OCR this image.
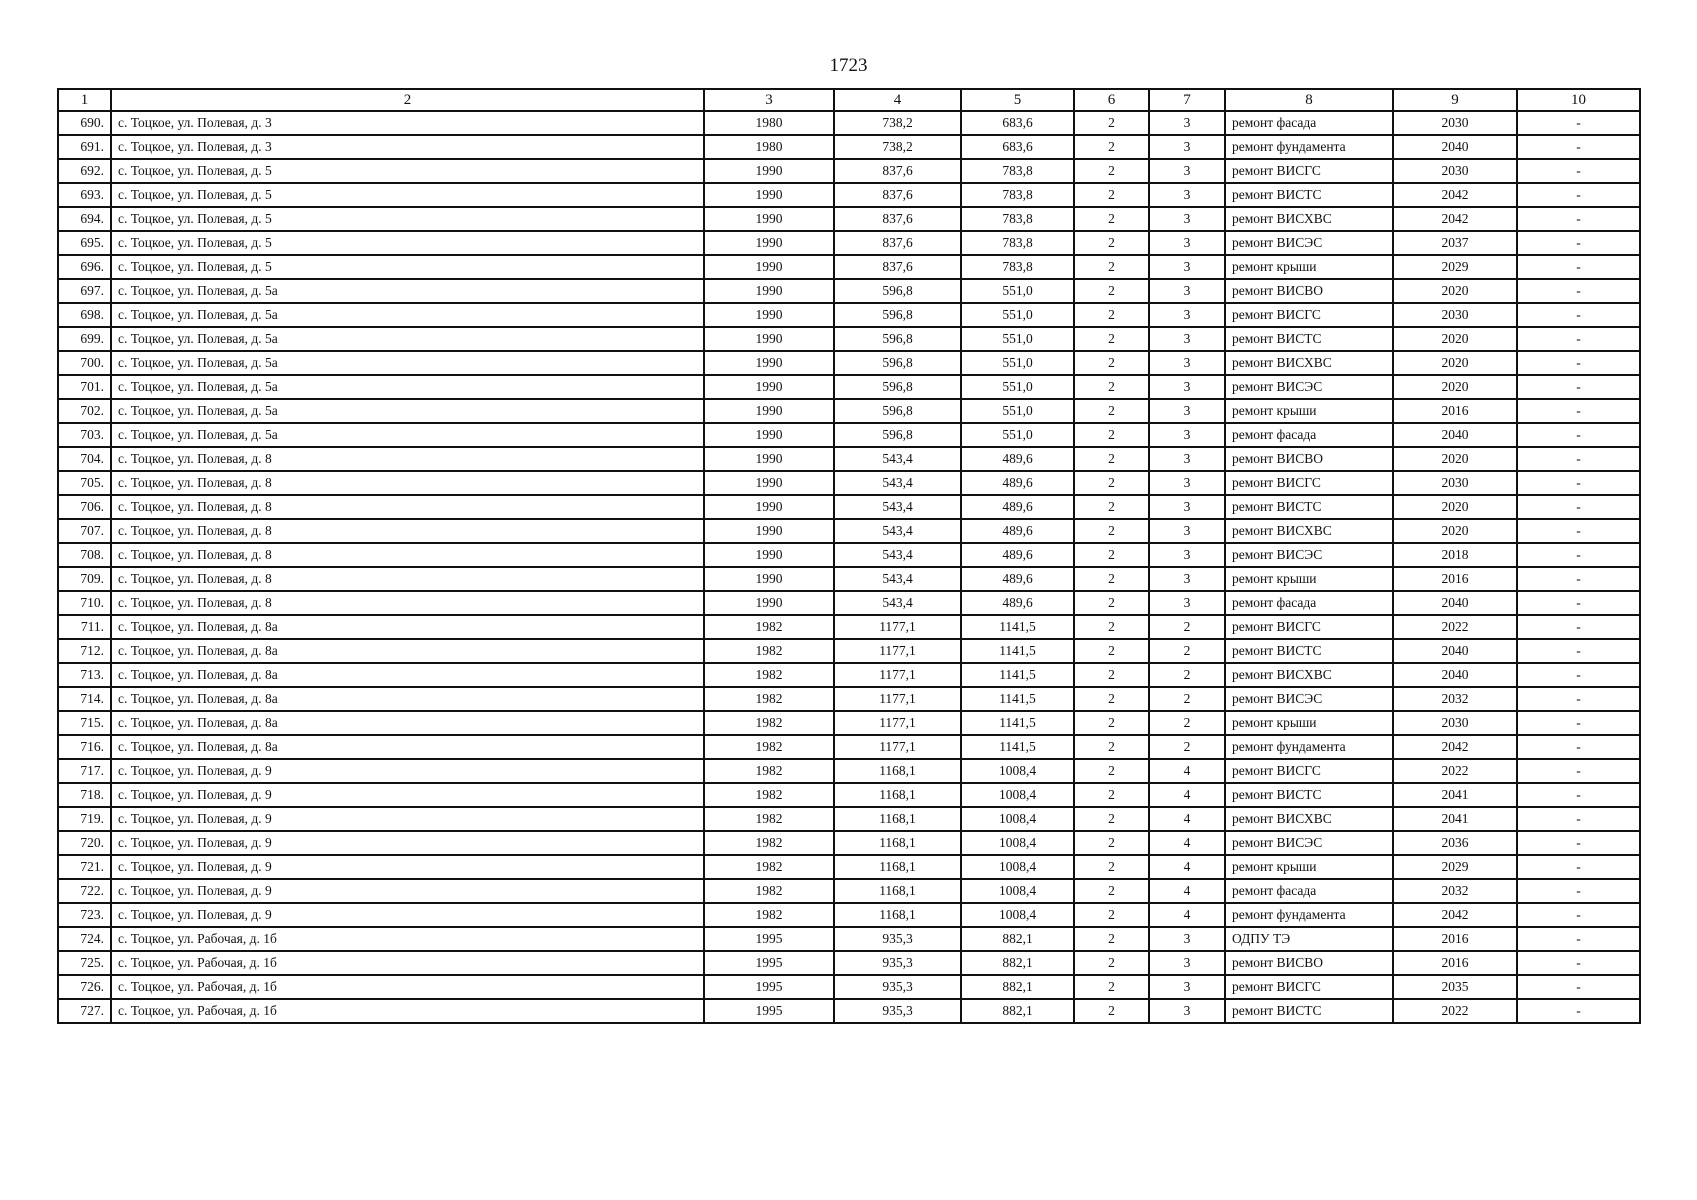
1723
1	2	3	4	5	6	7	8	9	10
690.	с. Тоцкое, ул. Полевая, д. 3	1980	738,2	683,6	2	3	ремонт фасада	2030	-
691.	с. Тоцкое, ул. Полевая, д. 3	1980	738,2	683,6	2	3	ремонт фундамента	2040	-
692.	с. Тоцкое, ул. Полевая, д. 5	1990	837,6	783,8	2	3	ремонт ВИСГС	2030	-
693.	с. Тоцкое, ул. Полевая, д. 5	1990	837,6	783,8	2	3	ремонт ВИСТС	2042	-
694.	с. Тоцкое, ул. Полевая, д. 5	1990	837,6	783,8	2	3	ремонт ВИСХВС	2042	-
695.	с. Тоцкое, ул. Полевая, д. 5	1990	837,6	783,8	2	3	ремонт ВИСЭС	2037	-
696.	с. Тоцкое, ул. Полевая, д. 5	1990	837,6	783,8	2	3	ремонт крыши	2029	-
697.	с. Тоцкое, ул. Полевая, д. 5а	1990	596,8	551,0	2	3	ремонт ВИСВО	2020	-
698.	с. Тоцкое, ул. Полевая, д. 5а	1990	596,8	551,0	2	3	ремонт ВИСГС	2030	-
699.	с. Тоцкое, ул. Полевая, д. 5а	1990	596,8	551,0	2	3	ремонт ВИСТС	2020	-
700.	с. Тоцкое, ул. Полевая, д. 5а	1990	596,8	551,0	2	3	ремонт ВИСХВС	2020	-
701.	с. Тоцкое, ул. Полевая, д. 5а	1990	596,8	551,0	2	3	ремонт ВИСЭС	2020	-
702.	с. Тоцкое, ул. Полевая, д. 5а	1990	596,8	551,0	2	3	ремонт крыши	2016	-
703.	с. Тоцкое, ул. Полевая, д. 5а	1990	596,8	551,0	2	3	ремонт фасада	2040	-
704.	с. Тоцкое, ул. Полевая, д. 8	1990	543,4	489,6	2	3	ремонт ВИСВО	2020	-
705.	с. Тоцкое, ул. Полевая, д. 8	1990	543,4	489,6	2	3	ремонт ВИСГС	2030	-
706.	с. Тоцкое, ул. Полевая, д. 8	1990	543,4	489,6	2	3	ремонт ВИСТС	2020	-
707.	с. Тоцкое, ул. Полевая, д. 8	1990	543,4	489,6	2	3	ремонт ВИСХВС	2020	-
708.	с. Тоцкое, ул. Полевая, д. 8	1990	543,4	489,6	2	3	ремонт ВИСЭС	2018	-
709.	с. Тоцкое, ул. Полевая, д. 8	1990	543,4	489,6	2	3	ремонт крыши	2016	-
710.	с. Тоцкое, ул. Полевая, д. 8	1990	543,4	489,6	2	3	ремонт фасада	2040	-
711.	с. Тоцкое, ул. Полевая, д. 8а	1982	1177,1	1141,5	2	2	ремонт ВИСГС	2022	-
712.	с. Тоцкое, ул. Полевая, д. 8а	1982	1177,1	1141,5	2	2	ремонт ВИСТС	2040	-
713.	с. Тоцкое, ул. Полевая, д. 8а	1982	1177,1	1141,5	2	2	ремонт ВИСХВС	2040	-
714.	с. Тоцкое, ул. Полевая, д. 8а	1982	1177,1	1141,5	2	2	ремонт ВИСЭС	2032	-
715.	с. Тоцкое, ул. Полевая, д. 8а	1982	1177,1	1141,5	2	2	ремонт крыши	2030	-
716.	с. Тоцкое, ул. Полевая, д. 8а	1982	1177,1	1141,5	2	2	ремонт фундамента	2042	-
717.	с. Тоцкое, ул. Полевая, д. 9	1982	1168,1	1008,4	2	4	ремонт ВИСГС	2022	-
718.	с. Тоцкое, ул. Полевая, д. 9	1982	1168,1	1008,4	2	4	ремонт ВИСТС	2041	-
719.	с. Тоцкое, ул. Полевая, д. 9	1982	1168,1	1008,4	2	4	ремонт ВИСХВС	2041	-
720.	с. Тоцкое, ул. Полевая, д. 9	1982	1168,1	1008,4	2	4	ремонт ВИСЭС	2036	-
721.	с. Тоцкое, ул. Полевая, д. 9	1982	1168,1	1008,4	2	4	ремонт крыши	2029	-
722.	с. Тоцкое, ул. Полевая, д. 9	1982	1168,1	1008,4	2	4	ремонт фасада	2032	-
723.	с. Тоцкое, ул. Полевая, д. 9	1982	1168,1	1008,4	2	4	ремонт фундамента	2042	-
724.	с. Тоцкое, ул. Рабочая, д. 1б	1995	935,3	882,1	2	3	ОДПУ ТЭ	2016	-
725.	с. Тоцкое, ул. Рабочая, д. 1б	1995	935,3	882,1	2	3	ремонт ВИСВО	2016	-
726.	с. Тоцкое, ул. Рабочая, д. 1б	1995	935,3	882,1	2	3	ремонт ВИСГС	2035	-
727.	с. Тоцкое, ул. Рабочая, д. 1б	1995	935,3	882,1	2	3	ремонт ВИСТС	2022	-
